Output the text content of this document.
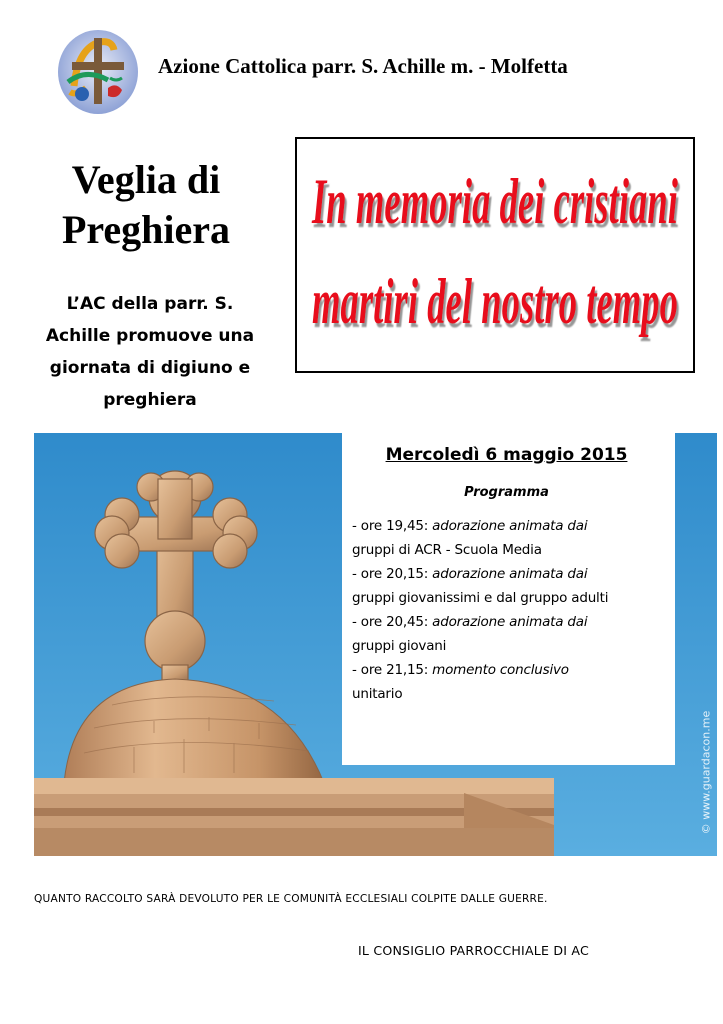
Azione Cattolica parr. S. Achille m. - Molfetta
Veglia di
Preghiera
L’AC della parr. S.
Achille promuove una
giornata di digiuno e
preghiera
In memoria dei cristiani
martiri del nostro tempo
Mercoledì 6 maggio 2015
Programma
- ore 19,45: adorazione animata dai
gruppi di ACR - Scuola Media
- ore 20,15: adorazione animata dai
gruppi giovanissimi e dal gruppo adulti
- ore 20,45: adorazione animata dai
gruppi giovani
- ore 21,15: momento conclusivo
unitario
© www.guardacon.me
QUANTO RACCOLTO SARÀ DEVOLUTO PER LE COMUNITÀ ECCLESIALI COLPITE DALLE GUERRE.
IL CONSIGLIO PARROCCHIALE DI AC
